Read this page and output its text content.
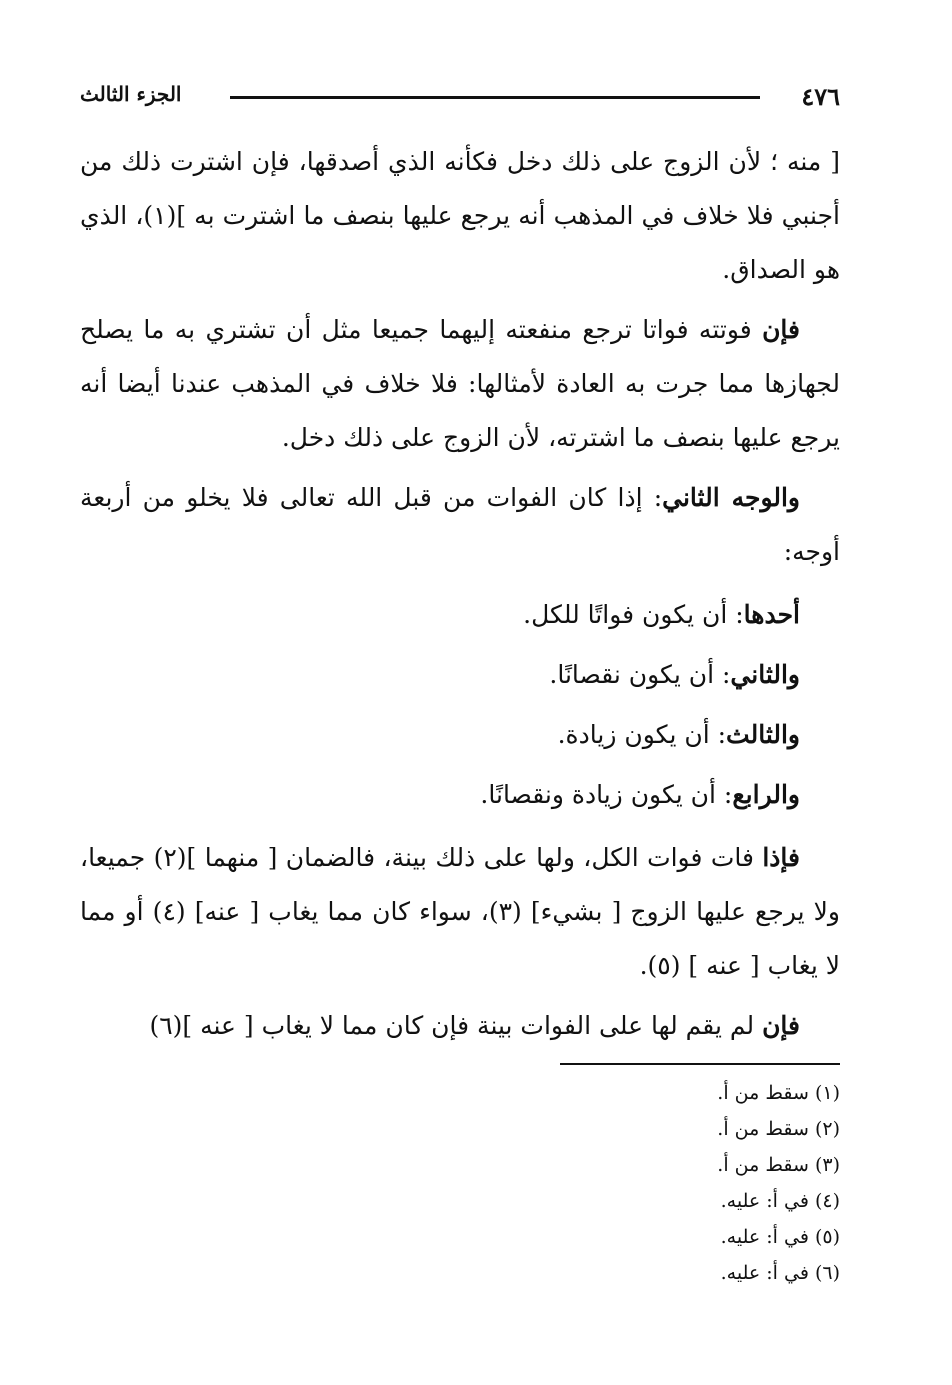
٤٧٦
الجزء الثالث

[ منه ؛ لأن الزوج على ذلك دخل فكأنه الذي أصدقها، فإن اشترت ذلك من أجنبي فلا خلاف في المذهب أنه يرجع عليها بنصف ما اشترت به ](١)، الذي هو الصداق.

فإن فوتته فواتا ترجع منفعته إليهما جميعا مثل أن تشتري به ما يصلح لجهازها مما جرت به العادة لأمثالها: فلا خلاف في المذهب عندنا أيضا أنه يرجع عليها بنصف ما اشترته، لأن الزوج على ذلك دخل.

والوجه الثاني: إذا كان الفوات من قبل الله تعالى فلا يخلو من أربعة أوجه:

أحدها: أن يكون فواتًا للكل.

والثاني: أن يكون نقصانًا.

والثالث: أن يكون زيادة.

والرابع: أن يكون زيادة ونقصانًا.

فإذا فات فوات الكل، ولها على ذلك بينة، فالضمان [ منهما ](٢) جميعا، ولا يرجع عليها الزوج [ بشيء] (٣)، سواء كان مما يغاب [ عنه] (٤) أو مما لا يغاب [ عنه ] (٥).

فإن لم يقم لها على الفوات بينة فإن كان مما لا يغاب [ عنه ](٦)

(١) سقط من أ.

(٢) سقط من أ.

(٣) سقط من أ.

(٤) في أ: عليه.

(٥) في أ: عليه.

(٦) في أ: عليه.
